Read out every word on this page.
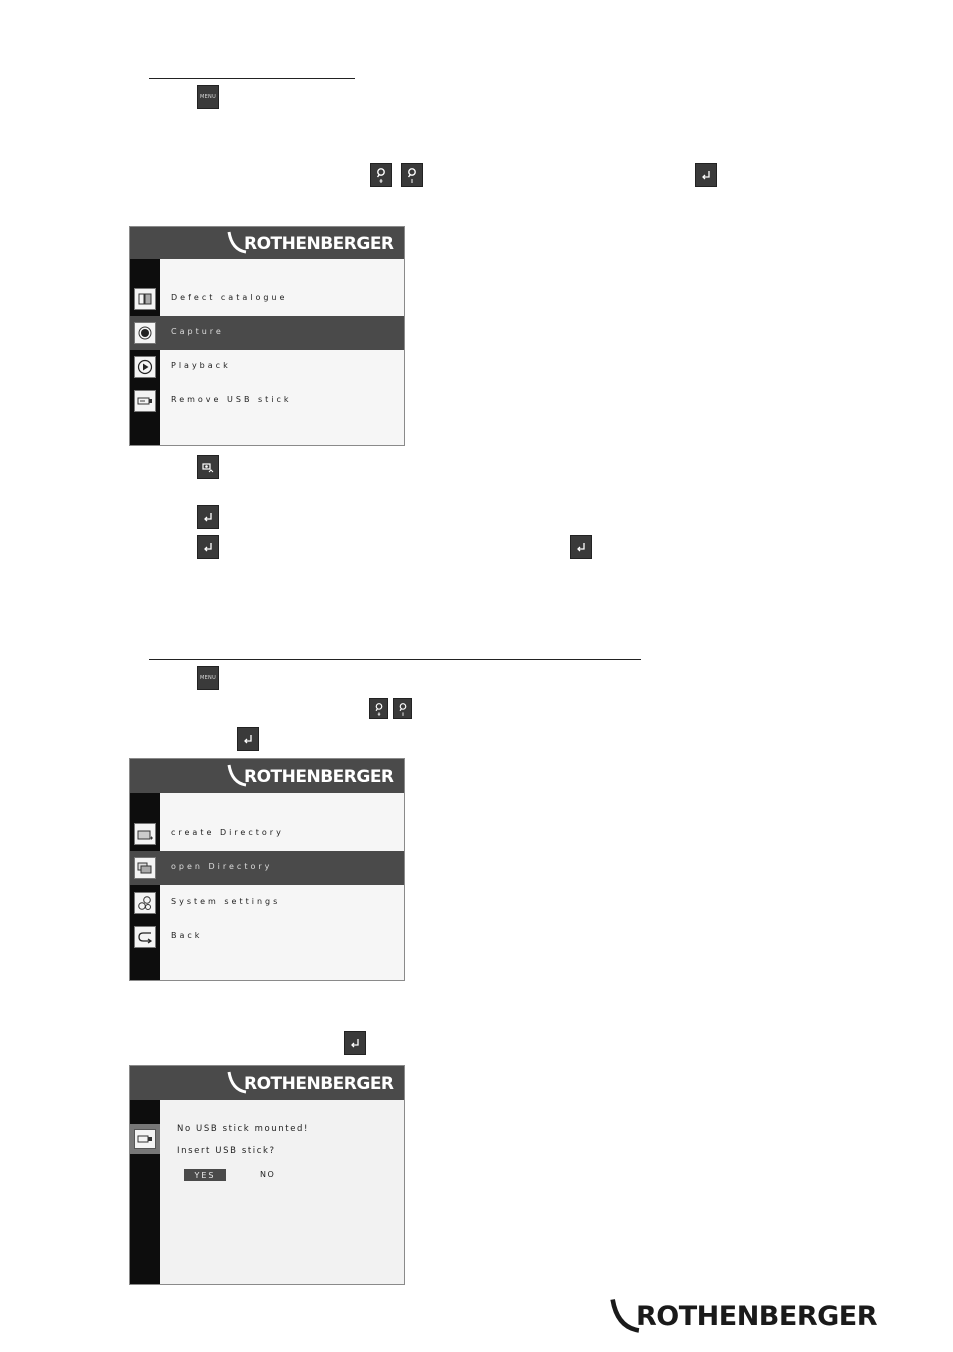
MENU
ROTHENBERGER
Defect catalogue
Capture
Playback
Remove USB stick
MENU
ROTHENBERGER
create Directory
open Directory
System settings
Back
ROTHENBERGER
No USB stick mounted!
Insert USB stick?
YES	NO
ROTHENBERGER
